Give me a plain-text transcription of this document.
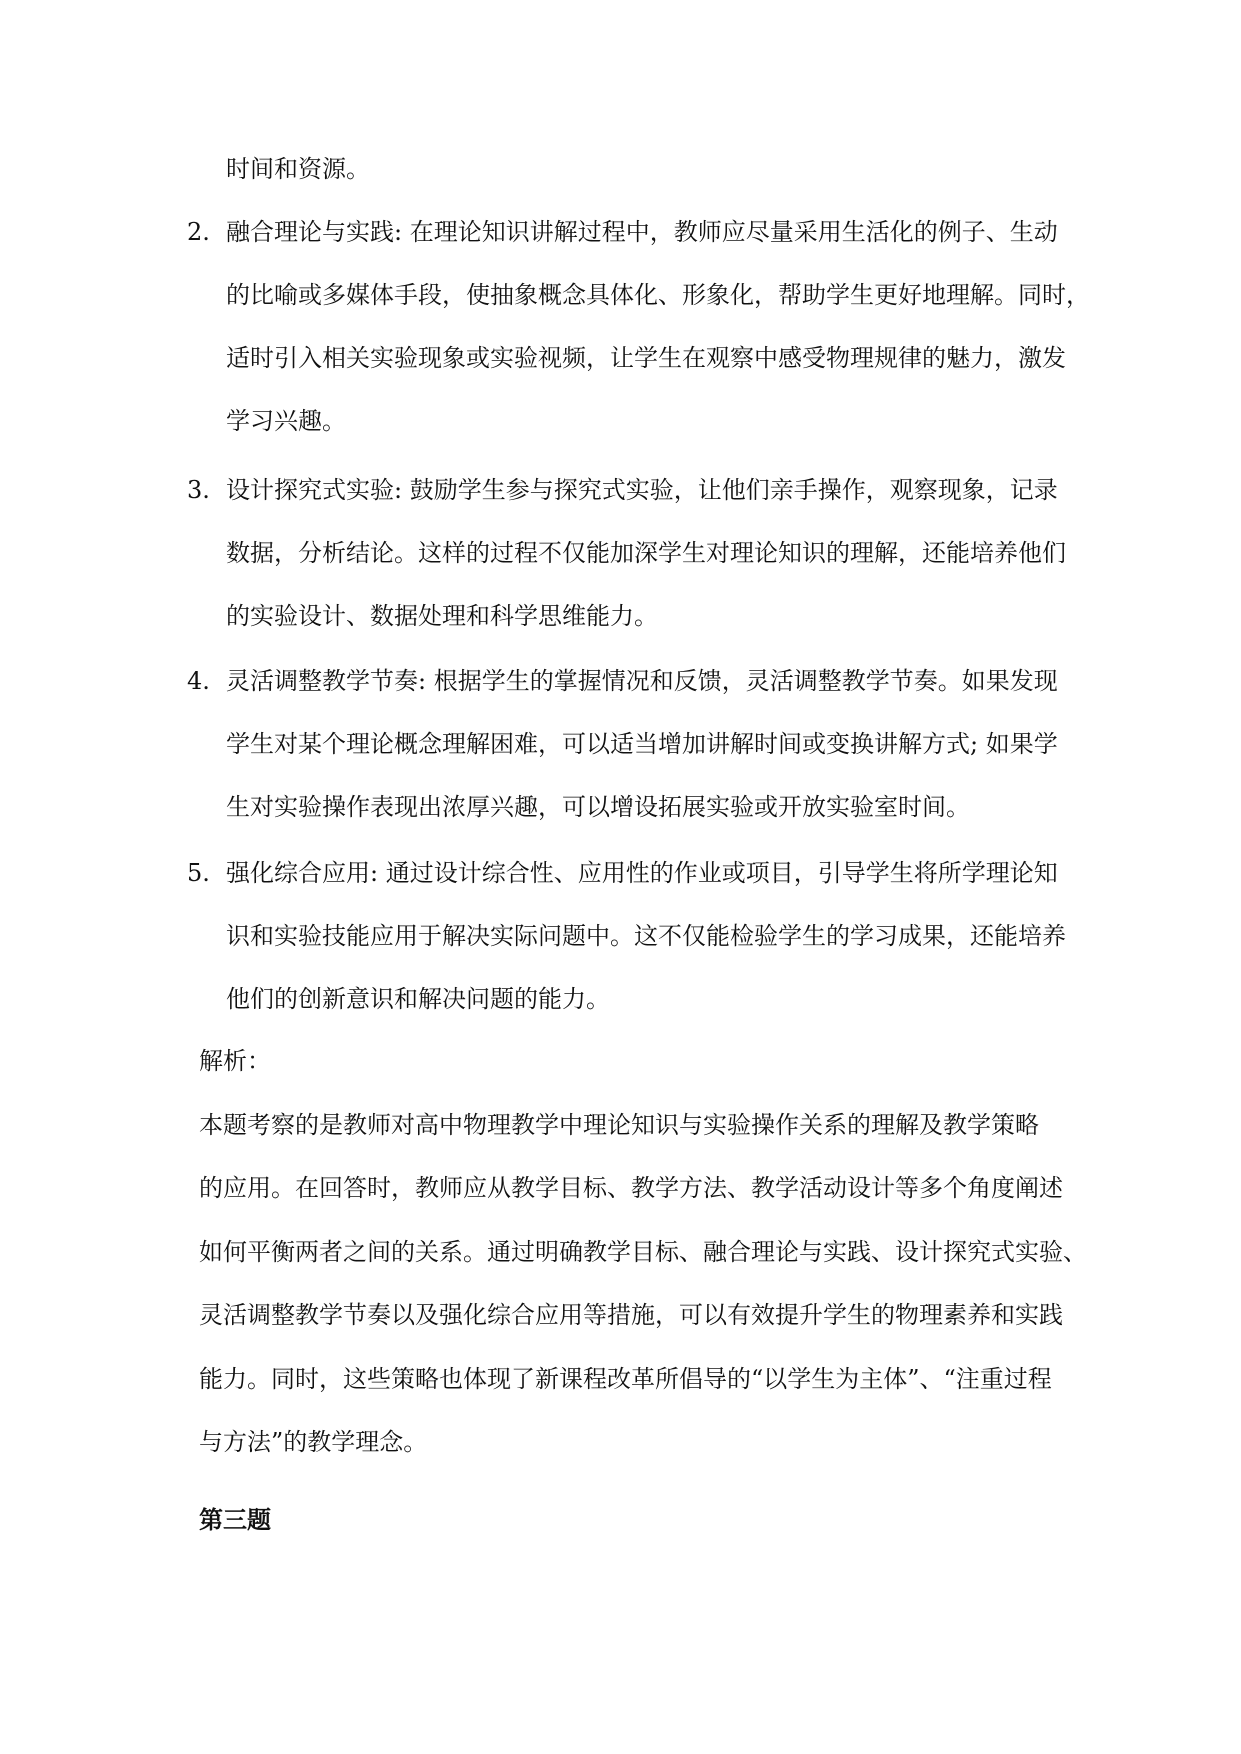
时间和资源。
2. 融合理论与实践: 在理论知识讲解过程中，教师应尽量采用生活化的例子、生动
的比喻或多媒体手段，使抽象概念具体化、形象化，帮助学生更好地理解。同时，
适时引入相关实验现象或实验视频，让学生在观察中感受物理规律的魅力，激发
学习兴趣。
3. 设计探究式实验: 鼓励学生参与探究式实验，让他们亲手操作，观察现象，记录
数据，分析结论。这样的过程不仅能加深学生对理论知识的理解，还能培养他们
的实验设计、数据处理和科学思维能力。
4. 灵活调整教学节奏: 根据学生的掌握情况和反馈，灵活调整教学节奏。如果发现
学生对某个理论概念理解困难，可以适当增加讲解时间或变换讲解方式; 如果学
生对实验操作表现出浓厚兴趣，可以增设拓展实验或开放实验室时间。
5. 强化综合应用: 通过设计综合性、应用性的作业或项目，引导学生将所学理论知
识和实验技能应用于解决实际问题中。这不仅能检验学生的学习成果，还能培养
他们的创新意识和解决问题的能力。
解析：
本题考察的是教师对高中物理教学中理论知识与实验操作关系的理解及教学策略
的应用。在回答时，教师应从教学目标、教学方法、教学活动设计等多个角度阐述
如何平衡两者之间的关系。通过明确教学目标、融合理论与实践、设计探究式实验、
灵活调整教学节奏以及强化综合应用等措施，可以有效提升学生的物理素养和实践
能力。同时，这些策略也体现了新课程改革所倡导的“以学生为主体”、“注重过程
与方法”的教学理念。
第三题
